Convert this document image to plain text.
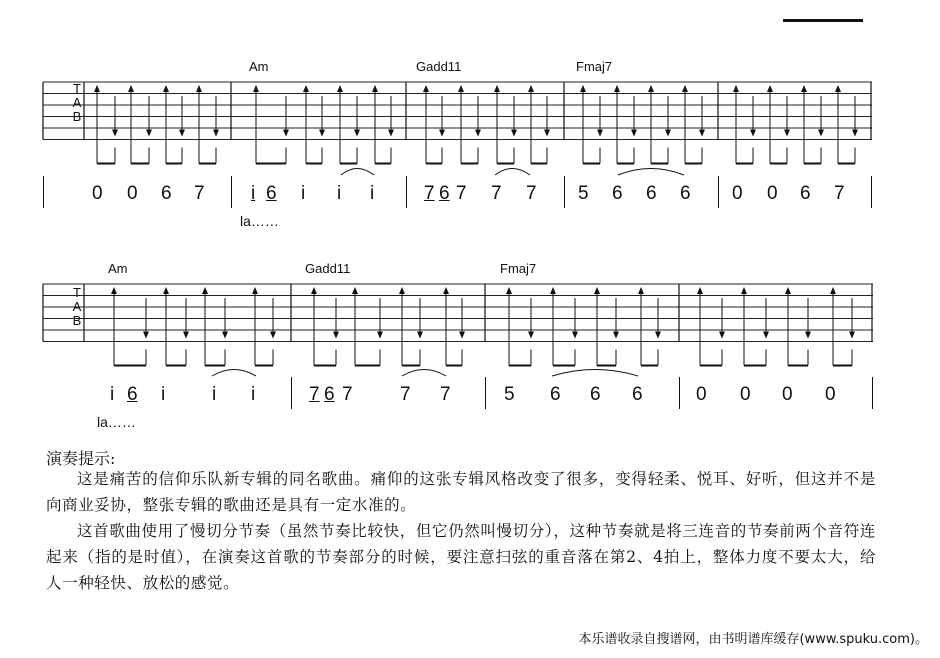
Am	Gadd11	Fmaj7
T
A
B
0 0 6 7 i 6 i i i	7 6 7 7 7 5 6 6 6 0 0 6 7
la……
Am	Gadd11	Fmaj7
T
A
B
i 6 i i i	7 6 7 7 7	5 6 6 6	0 0 0 0
la……
演奏提示:

这是痛苦的信仰乐队新专辑的同名歌曲。痛仰的这张专辑风格改变了很多，变得轻柔、悦耳、好听，但这并不是向商业妥协，整张专辑的歌曲还是具有一定水准的。

这首歌曲使用了慢切分节奏（虽然节奏比较快，但它仍然叫慢切分），这种节奏就是将三连音的节奏前两个音符连起来（指的是时值），在演奏这首歌的节奏部分的时候，要注意扫弦的重音落在第2、4拍上，整体力度不要太大，给人一种轻快、放松的感觉。

本乐谱收录自搜谱网，由书明谱库缓存(www.spuku.com)。
